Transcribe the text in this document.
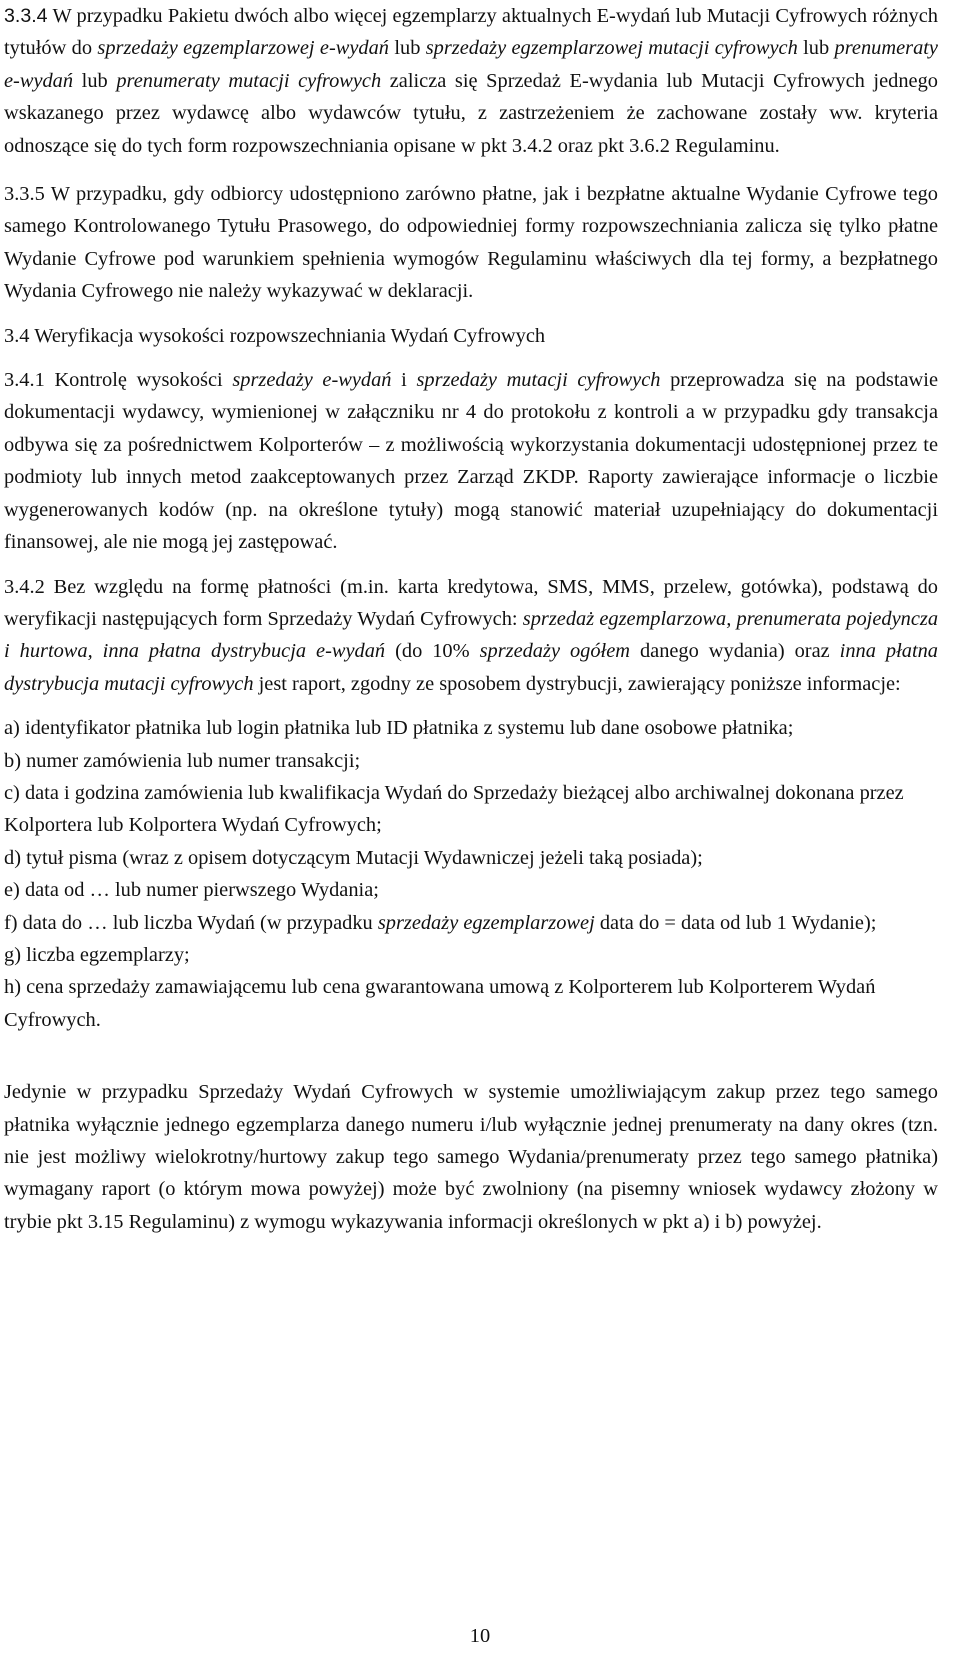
3.3.4 W przypadku Pakietu dwóch albo więcej egzemplarzy aktualnych E-wydań lub Mutacji Cyfrowych różnych tytułów do sprzedaży egzemplarzowej e-wydań lub sprzedaży egzemplarzowej mutacji cyfrowych lub prenumeraty e-wydań lub prenumeraty mutacji cyfrowych zalicza się Sprzedaż E-wydania lub Mutacji Cyfrowych jednego wskazanego przez wydawcę albo wydawców tytułu, z zastrzeżeniem że zachowane zostały ww. kryteria odnoszące się do tych form rozpowszechniania opisane w pkt 3.4.2 oraz pkt 3.6.2 Regulaminu.

3.3.5 W przypadku, gdy odbiorcy udostępniono zarówno płatne, jak i bezpłatne aktualne Wydanie Cyfrowe tego samego Kontrolowanego Tytułu Prasowego, do odpowiedniej formy rozpowszechniania zalicza się tylko płatne Wydanie Cyfrowe pod warunkiem spełnienia wymogów Regulaminu właściwych dla tej formy, a bezpłatnego Wydania Cyfrowego nie należy wykazywać w deklaracji.

3.4 Weryfikacja wysokości rozpowszechniania Wydań Cyfrowych

3.4.1 Kontrolę wysokości sprzedaży e-wydań i sprzedaży mutacji cyfrowych przeprowadza się na podstawie dokumentacji wydawcy, wymienionej w załączniku nr 4 do protokołu z kontroli a w przypadku gdy transakcja odbywa się za pośrednictwem Kolporterów – z możliwością wykorzystania dokumentacji udostępnionej przez te podmioty lub innych metod zaakceptowanych przez Zarząd ZKDP. Raporty zawierające informacje o liczbie wygenerowanych kodów (np. na określone tytuły) mogą stanowić materiał uzupełniający do dokumentacji finansowej, ale nie mogą jej zastępować.

3.4.2 Bez względu na formę płatności (m.in. karta kredytowa, SMS, MMS, przelew, gotówka), podstawą do weryfikacji następujących form Sprzedaży Wydań Cyfrowych: sprzedaż egzemplarzowa, prenumerata pojedyncza i hurtowa, inna płatna dystrybucja e-wydań (do 10% sprzedaży ogółem danego wydania) oraz inna płatna dystrybucja mutacji cyfrowych jest raport, zgodny ze sposobem dystrybucji, zawierający poniższe informacje:

a) identyfikator płatnika lub login płatnika lub ID płatnika z systemu lub dane osobowe płatnika;
b) numer zamówienia lub numer transakcji;
c) data i godzina zamówienia lub kwalifikacja Wydań do Sprzedaży bieżącej albo archiwalnej dokonana przez Kolportera lub Kolportera Wydań Cyfrowych;
d) tytuł pisma (wraz z opisem dotyczącym Mutacji Wydawniczej jeżeli taką posiada);
e) data od … lub numer pierwszego Wydania;
f) data do … lub liczba Wydań (w przypadku sprzedaży egzemplarzowej data do = data od lub 1 Wydanie);
g) liczba egzemplarzy;
h) cena sprzedaży zamawiającemu lub cena gwarantowana umową z Kolporterem lub Kolporterem Wydań Cyfrowych.

Jedynie w przypadku Sprzedaży Wydań Cyfrowych w systemie umożliwiającym zakup przez tego samego płatnika wyłącznie jednego egzemplarza danego numeru i/lub wyłącznie jednej prenumeraty na dany okres (tzn. nie jest możliwy wielokrotny/hurtowy zakup tego samego Wydania/prenumeraty przez tego samego płatnika) wymagany raport (o którym mowa powyżej) może być zwolniony (na pisemny wniosek wydawcy złożony w trybie pkt 3.15 Regulaminu) z wymogu wykazywania informacji określonych w pkt a) i b) powyżej.

10
